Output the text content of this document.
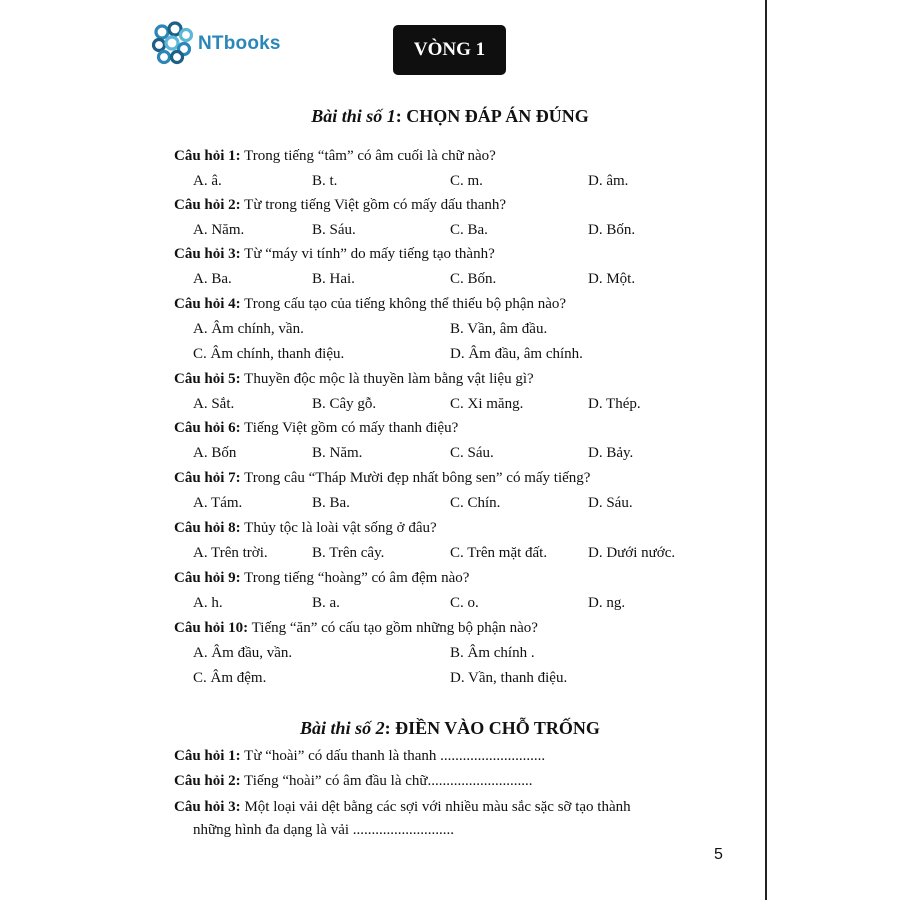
NTbooks	VÒNG 1
Bài thi số 1: CHỌN ĐÁP ÁN ĐÚNG
Câu hỏi 1: Trong tiếng “tâm” có âm cuối là chữ nào?
A. â.	B. t.	C. m.	D. âm.
Câu hỏi 2: Từ trong tiếng Việt gồm có mấy dấu thanh?
A. Năm.	B. Sáu.	C. Ba.	D. Bốn.
Câu hỏi 3: Từ “máy vi tính” do mấy tiếng tạo thành?
A. Ba.	B. Hai.	C. Bốn.	D. Một.
Câu hỏi 4: Trong cấu tạo của tiếng không thể thiếu bộ phận nào?
A. Âm chính, vần.	B. Vần, âm đầu.
C. Âm chính, thanh điệu.	D. Âm đầu, âm chính.
Câu hỏi 5: Thuyền độc mộc là thuyền làm bằng vật liệu gì?
A. Sắt.	B. Cây gỗ.	C. Xi măng.	D. Thép.
Câu hỏi 6: Tiếng Việt gồm có mấy thanh điệu?
A. Bốn	B. Năm.	C. Sáu.	D. Bảy.
Câu hỏi 7: Trong câu “Tháp Mười đẹp nhất bông sen” có mấy tiếng?
A. Tám.	B. Ba.	C. Chín.	D. Sáu.
Câu hỏi 8: Thủy tộc là loài vật sống ở đâu?
A. Trên trời.	B. Trên cây.	C. Trên mặt đất.	D. Dưới nước.
Câu hỏi 9: Trong tiếng “hoàng” có âm đệm nào?
A. h.	B. a.	C. o.	D. ng.
Câu hỏi 10: Tiếng “ăn” có cấu tạo gồm những bộ phận nào?
A. Âm đầu, vần.	B. Âm chính .
C. Âm đệm.	D. Vần, thanh điệu.
Bài thi số 2: ĐIỀN VÀO CHỖ TRỐNG
Câu hỏi 1: Từ “hoài” có dấu thanh là thanh ............................
Câu hỏi 2: Tiếng “hoài” có âm đầu là chữ............................
Câu hỏi 3: Một loại vải dệt bằng các sợi với nhiều màu sắc sặc sỡ tạo thành
những hình đa dạng là vải ...........................
5
